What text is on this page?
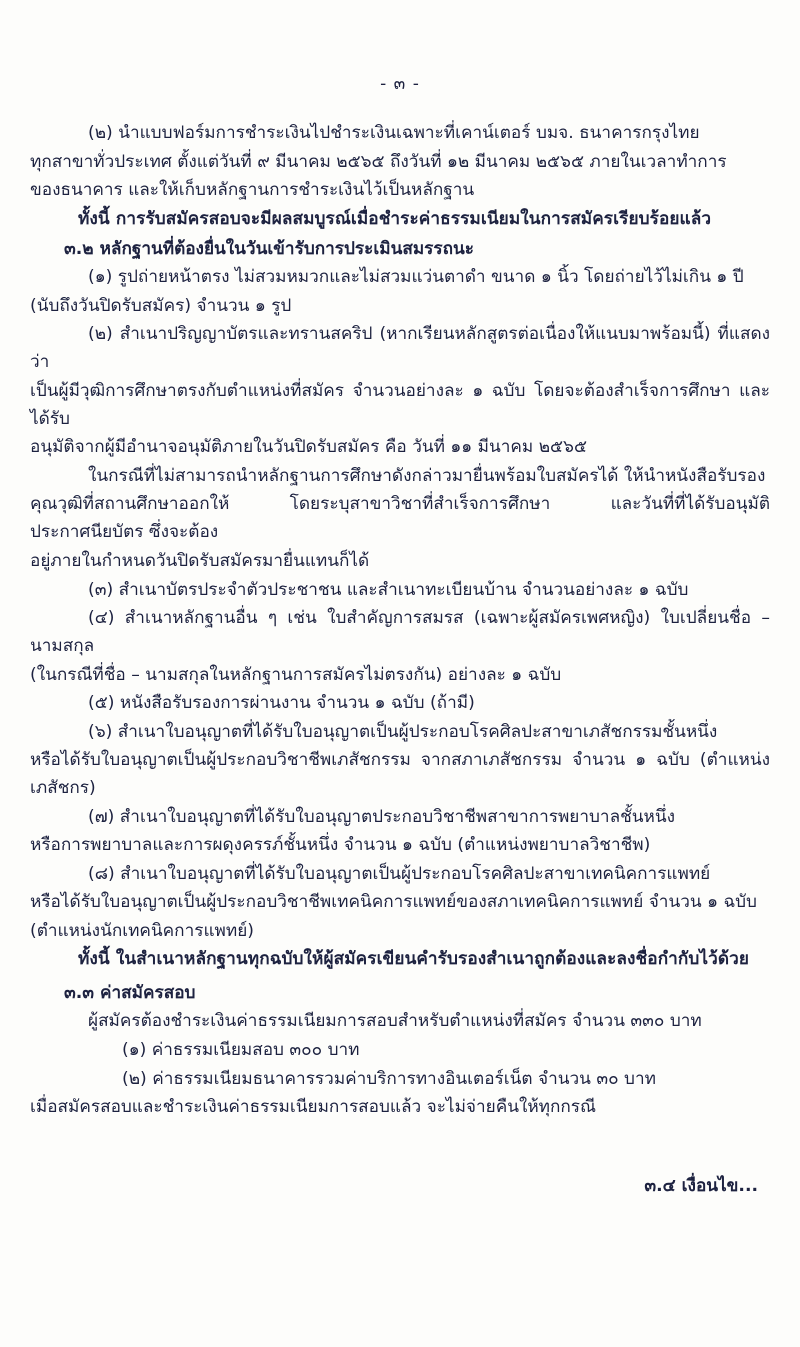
- ๓ -

(๒) นำแบบฟอร์มการชำระเงินไปชำระเงินเฉพาะที่เคาน์เตอร์ บมจ. ธนาคารกรุงไทย

ทุกสาขาทั่วประเทศ ตั้งแต่วันที่ ๙ มีนาคม ๒๕๖๕ ถึงวันที่ ๑๒ มีนาคม ๒๕๖๕ ภายในเวลาทำการ

ของธนาคาร และให้เก็บหลักฐานการชำระเงินไว้เป็นหลักฐาน

ทั้งนี้ การรับสมัครสอบจะมีผลสมบูรณ์เมื่อชำระค่าธรรมเนียมในการสมัครเรียบร้อยแล้ว

๓.๒ หลักฐานที่ต้องยื่นในวันเข้ารับการประเมินสมรรถนะ

(๑) รูปถ่ายหน้าตรง ไม่สวมหมวกและไม่สวมแว่นตาดำ ขนาด ๑ นิ้ว โดยถ่ายไว้ไม่เกิน ๑ ปี

(นับถึงวันปิดรับสมัคร) จำนวน ๑ รูป

(๒) สำเนาปริญญาบัตรและทรานสคริป (หากเรียนหลักสูตรต่อเนื่องให้แนบมาพร้อมนี้) ที่แสดงว่า

เป็นผู้มีวุฒิการศึกษาตรงกับตำแหน่งที่สมัคร จำนวนอย่างละ ๑ ฉบับ โดยจะต้องสำเร็จการศึกษา และได้รับ

อนุมัติจากผู้มีอำนาจอนุมัติภายในวันปิดรับสมัคร คือ วันที่ ๑๑ มีนาคม ๒๕๖๕

ในกรณีที่ไม่สามารถนำหลักฐานการศึกษาดังกล่าวมายื่นพร้อมใบสมัครได้ ให้นำหนังสือรับรอง

คุณวุฒิที่สถานศึกษาออกให้ โดยระบุสาขาวิชาที่สำเร็จการศึกษา และวันที่ที่ได้รับอนุมัติประกาศนียบัตร ซึ่งจะต้อง

อยู่ภายในกำหนดวันปิดรับสมัครมายื่นแทนก็ได้

(๓) สำเนาบัตรประจำตัวประชาชน และสำเนาทะเบียนบ้าน จำนวนอย่างละ ๑ ฉบับ

(๔) สำเนาหลักฐานอื่น ๆ เช่น ใบสำคัญการสมรส (เฉพาะผู้สมัครเพศหญิง) ใบเปลี่ยนชื่อ – นามสกุล

(ในกรณีที่ชื่อ – นามสกุลในหลักฐานการสมัครไม่ตรงกัน) อย่างละ ๑ ฉบับ

(๕) หนังสือรับรองการผ่านงาน จำนวน ๑ ฉบับ (ถ้ามี)

(๖) สำเนาใบอนุญาตที่ได้รับใบอนุญาตเป็นผู้ประกอบโรคศิลปะสาขาเภสัชกรรมชั้นหนึ่ง

หรือได้รับใบอนุญาตเป็นผู้ประกอบวิชาชีพเภสัชกรรม จากสภาเภสัชกรรม จำนวน ๑ ฉบับ (ตำแหน่งเภสัชกร)

(๗) สำเนาใบอนุญาตที่ได้รับใบอนุญาตประกอบวิชาชีพสาขาการพยาบาลชั้นหนึ่ง

หรือการพยาบาลและการผดุงครรภ์ชั้นหนึ่ง จำนวน ๑ ฉบับ (ตำแหน่งพยาบาลวิชาชีพ)

(๘) สำเนาใบอนุญาตที่ได้รับใบอนุญาตเป็นผู้ประกอบโรคศิลปะสาขาเทคนิคการแพทย์

หรือได้รับใบอนุญาตเป็นผู้ประกอบวิชาชีพเทคนิคการแพทย์ของสภาเทคนิคการแพทย์ จำนวน ๑ ฉบับ

(ตำแหน่งนักเทคนิคการแพทย์)

ทั้งนี้ ในสำเนาหลักฐานทุกฉบับให้ผู้สมัครเขียนคำรับรองสำเนาถูกต้องและลงชื่อกำกับไว้ด้วย

๓.๓ ค่าสมัครสอบ

ผู้สมัครต้องชำระเงินค่าธรรมเนียมการสอบสำหรับตำแหน่งที่สมัคร จำนวน ๓๓๐ บาท

(๑) ค่าธรรมเนียมสอบ ๓๐๐ บาท

(๒) ค่าธรรมเนียมธนาคารรวมค่าบริการทางอินเตอร์เน็ต จำนวน ๓๐ บาท

เมื่อสมัครสอบและชำระเงินค่าธรรมเนียมการสอบแล้ว จะไม่จ่ายคืนให้ทุกกรณี

๓.๔ เงื่อนไข...
